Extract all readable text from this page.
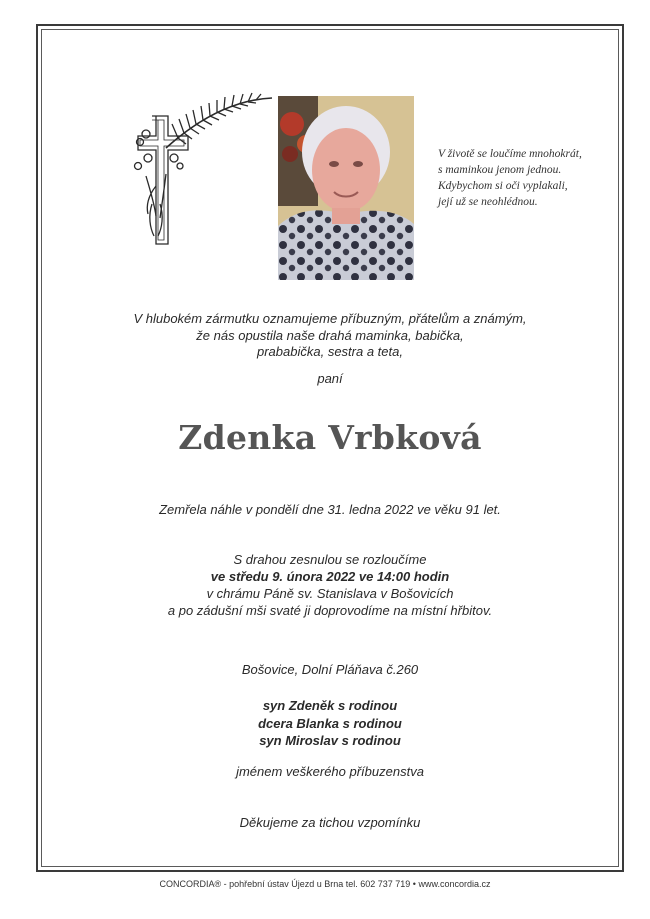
V životě se loučíme mnohokrát,
s maminkou jenom jednou.
Kdybychom si oči vyplakali,
její už se neohlédnou.
V hlubokém zármutku oznamujeme příbuzným, přátelům a známým,
že nás opustila naše drahá maminka, babička,
prababička, sestra a teta,
paní
Zdenka Vrbková
Zemřela náhle v pondělí dne 31. ledna 2022 ve věku 91 let.
S drahou zesnulou se rozloučíme
ve středu 9. února 2022 ve 14:00 hodin
v chrámu Páně sv. Stanislava v Bošovicích
a po zádušní mši svaté ji doprovodíme na místní hřbitov.
Bošovice, Dolní Pláňava č.260
syn Zdeněk s rodinou
dcera Blanka s rodinou
syn Miroslav s rodinou
jménem veškerého příbuzenstva
Děkujeme za tichou vzpomínku
CONCORDIA® - pohřební ústav Újezd u Brna tel. 602 737 719 • www.concordia.cz
